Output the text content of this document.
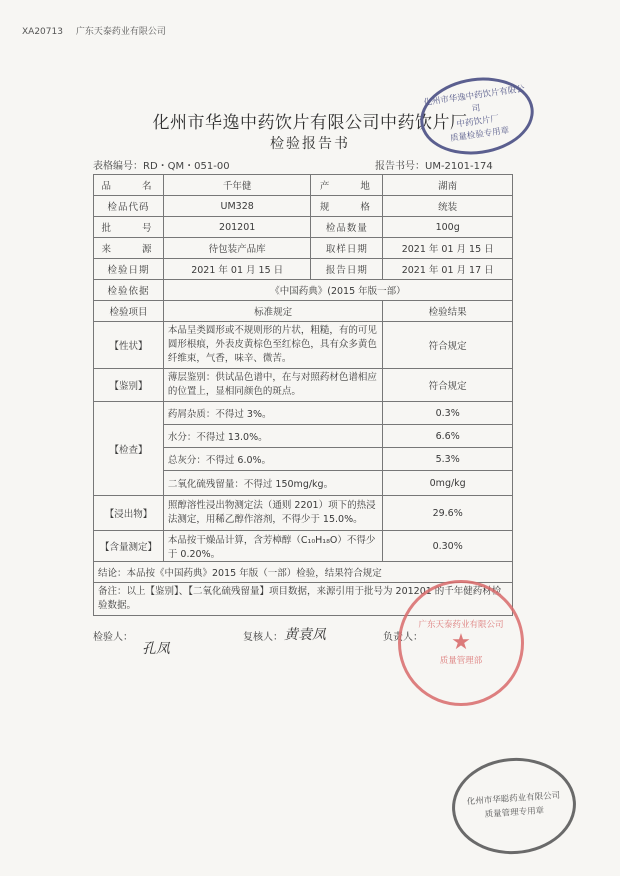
XA20713 广东天泰药业有限公司
化州市华逸中药饮片有限公司中药饮片厂
检验报告书
表格编号：RD・QM・051-00	报告书号：UM-2101-174
品　　名	千年健	产　　地	湖南
检品代码	UM328	规　　格	统装
批　　号	201201	检品数量	100g
来　　源	待包装产品库	取样日期	2021 年 01 月 15 日
检验日期	2021 年 01 月 15 日	报告日期	2021 年 01 月 17 日
检验依据	《中国药典》(2015 年版一部）		
检验项目	标准规定		检验结果
【性状】	本品呈类圆形或不规则形的片状，粗糙，有的可见圆形根痕，外表皮黄棕色至红棕色，具有众多黄色纤维束，气香，味辛、微苦。		符合规定
【鉴别】	薄层鉴别：供试品色谱中，在与对照药材色谱相应的位置上，显相同颜色的斑点。		符合规定
【检查】	药屑杂质：不得过 3%。		0.3%
	水分：不得过 13.0%。		6.6%
	总灰分：不得过 6.0%。		5.3%
	二氧化硫残留量：不得过 150mg/kg。		0mg/kg
【浸出物】	照醇溶性浸出物测定法（通则 2201）项下的热浸法测定，用稀乙醇作溶剂，不得少于 15.0%。		29.6%
【含量测定】	本品按干燥品计算，含芳樟醇（C₁₀H₁₈O）不得少于 0.20%。		0.30%
结论：本品按《中国药典》2015 年版（一部）检验，结果符合规定			
备注：以上【鉴别】、【二氧化硫残留量】项目数据，来源引用于批号为 201201 的千年健药材检验数据。			
检验人：
孔凤
复核人： 黄袁凤	负责人：
化州市华逸中药饮片有限公司
中药饮片厂
质量检验专用章
广东天泰药业有限公司
★
质量管理部
化州市华聪药业有限公司
质量管理专用章
